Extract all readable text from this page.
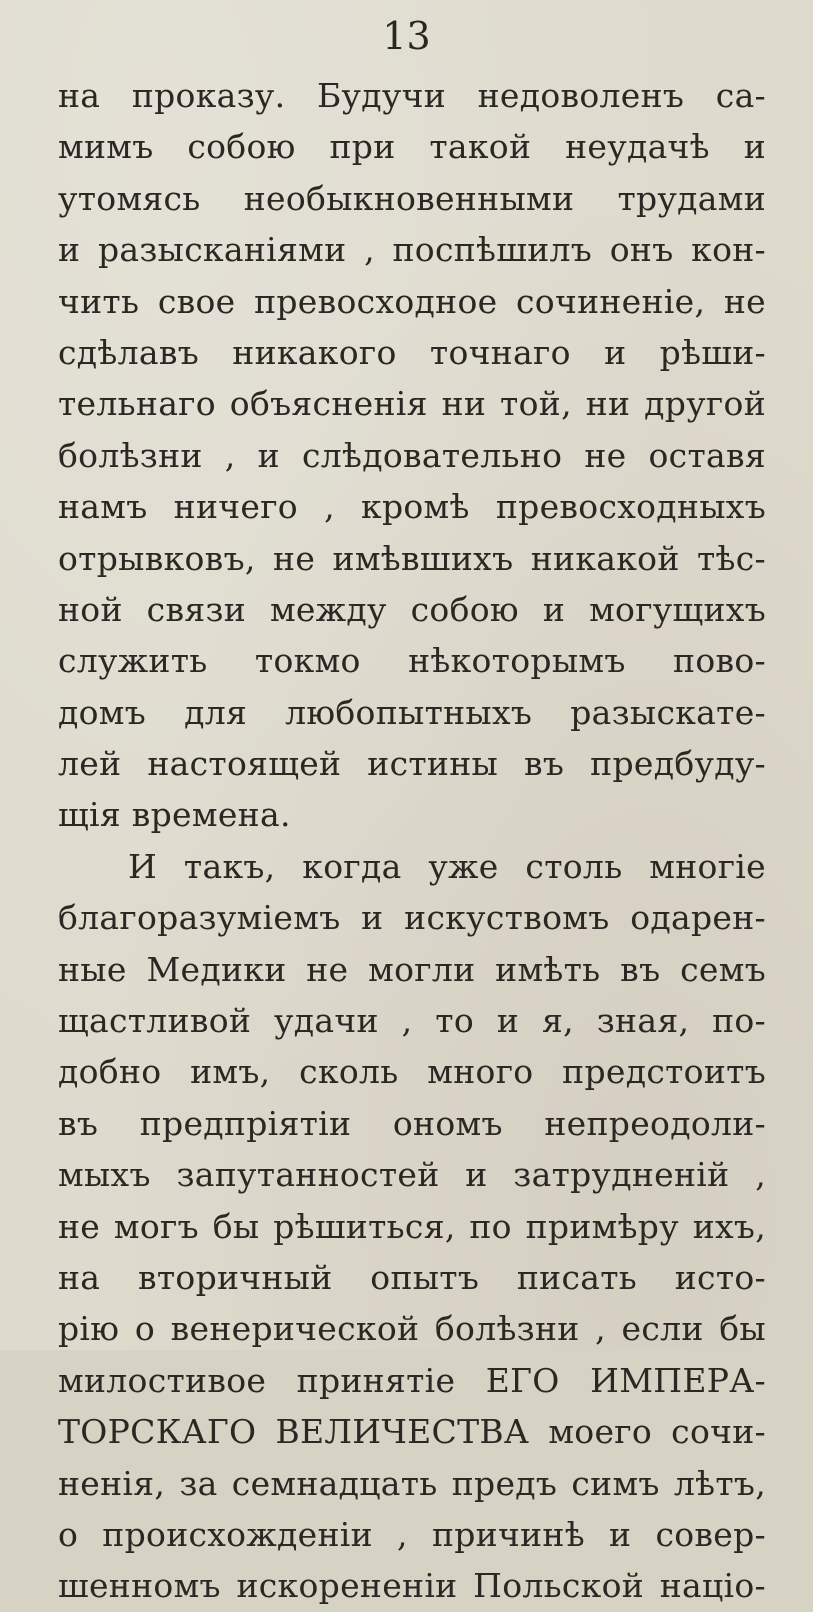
13
на проказу. Будучи недоволенъ са-
мимъ собою при такой неудачѣ и
утомясь необыкновенными трудами
и разысканіями , поспѣшилъ онъ кон-
чить свое превосходное сочиненіе, не
сдѣлавъ никакого точнаго и рѣши-
тельнаго объясненія ни той, ни другой
болѣзни , и слѣдовательно не оставя
намъ ничего , кромѣ превосходныхъ
отрывковъ, не имѣвшихъ никакой тѣс-
ной связи между собою и могущихъ
служить токмо нѣкоторымъ пово-
домъ для любопытныхъ разыскате-
лей настоящей истины въ предбуду-
щія времена.
И такъ, когда уже столь многіе
благоразуміемъ и искуствомъ одарен-
ные Медики не могли имѣть въ семъ
щастливой удачи , то и я, зная, по-
добно имъ, сколь много предстоитъ
въ предпріятіи ономъ непреодоли-
мыхъ запутанностей и затрудненій ,
не могъ бы рѣшиться, по примѣру ихъ,
на вторичный опытъ писать исто-
рію о венерической болѣзни , если бы
милостивое принятіе ЕГО ИМПЕРА-
ТОРСКАГО ВЕЛИЧЕСТВА моего сочи-
ненія, за семнадцать предъ симъ лѣтъ,
о происхожденіи , причинѣ и совер-
шенномъ искорененіи Польской націо-
